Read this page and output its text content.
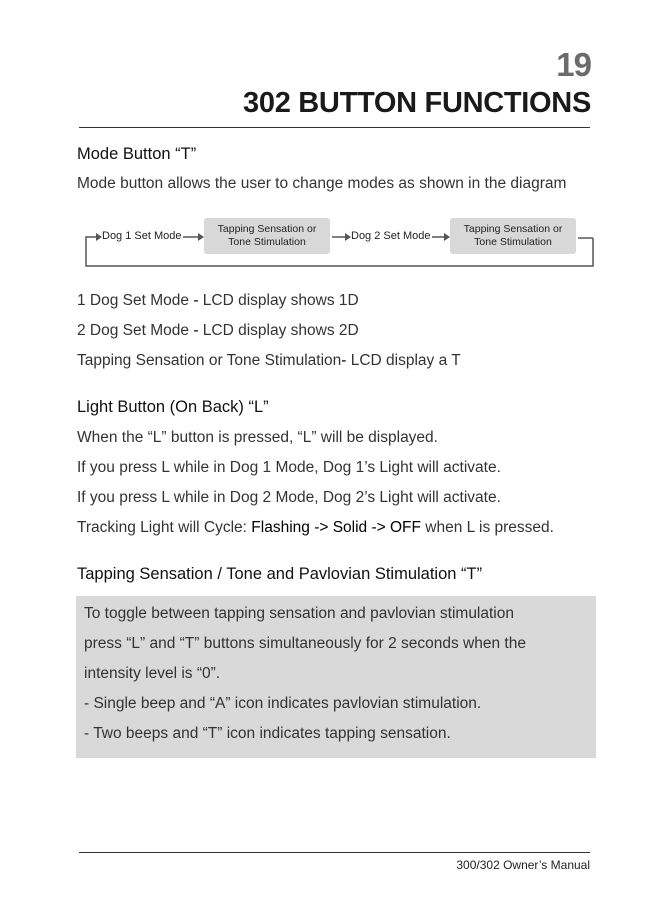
19
302 BUTTON FUNCTIONS
Mode Button “T”
Mode button allows the user to change modes as shown in the diagram
Dog 1 Set Mode
Tapping Sensation or
Tone Stimulation	Dog 2 Set Mode
Tapping Sensation or
Tone Stimulation
1 Dog Set Mode - LCD display shows 1D
2 Dog Set Mode - LCD display shows 2D
Tapping Sensation or Tone Stimulation- LCD display a T
Light Button (On Back) “L”
When the “L” button is pressed, “L” will be displayed.
If you press L while in Dog 1 Mode, Dog 1’s Light will activate.
If you press L while in Dog 2 Mode, Dog 2’s Light will activate.
Tracking Light will Cycle: Flashing -> Solid -> OFF when L is pressed.
Tapping Sensation / Tone and Pavlovian Stimulation “T”
To toggle between tapping sensation and pavlovian stimulation
press “L” and “T” buttons simultaneously for 2 seconds when the
intensity level is “0”.
- Single beep and “A” icon indicates pavlovian stimulation.
- Two beeps and “T” icon indicates tapping sensation.
300/302 Owner’s Manual
